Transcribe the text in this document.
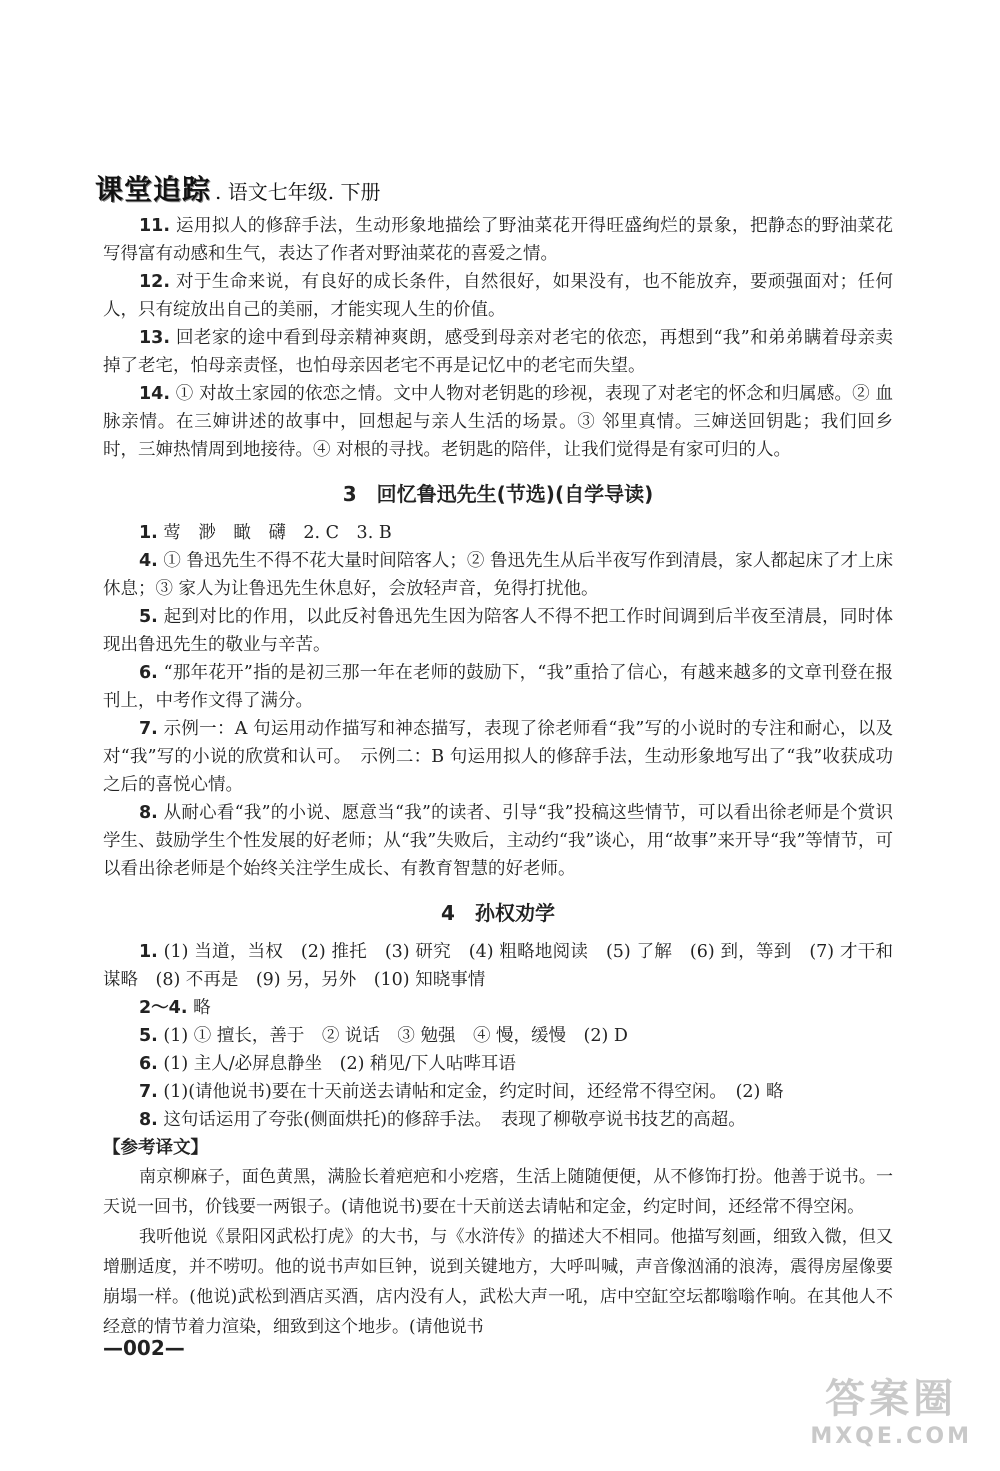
课堂追踪 . 语文七年级. 下册

11. 运用拟人的修辞手法，生动形象地描绘了野油菜花开得旺盛绚烂的景象，把静态的野油菜花写得富有动感和生气，表达了作者对野油菜花的喜爱之情。

12. 对于生命来说，有良好的成长条件，自然很好，如果没有，也不能放弃，要顽强面对；任何人，只有绽放出自己的美丽，才能实现人生的价值。

13. 回老家的途中看到母亲精神爽朗，感受到母亲对老宅的依恋，再想到“我”和弟弟瞒着母亲卖掉了老宅，怕母亲责怪，也怕母亲因老宅不再是记忆中的老宅而失望。

14. ① 对故土家园的依恋之情。文中人物对老钥匙的珍视，表现了对老宅的怀念和归属感。② 血脉亲情。在三婶讲述的故事中，回想起与亲人生活的场景。③ 邻里真情。三婶送回钥匙；我们回乡时，三婶热情周到地接待。④ 对根的寻找。老钥匙的陪伴，让我们觉得是有家可归的人。

3　回忆鲁迅先生(节选)(自学导读)

1. 莺　渺　瞰　礴　2. C　3. B

4. ① 鲁迅先生不得不花大量时间陪客人；② 鲁迅先生从后半夜写作到清晨，家人都起床了才上床休息；③ 家人为让鲁迅先生休息好，会放轻声音，免得打扰他。

5. 起到对比的作用，以此反衬鲁迅先生因为陪客人不得不把工作时间调到后半夜至清晨，同时体现出鲁迅先生的敬业与辛苦。

6. “那年花开”指的是初三那一年在老师的鼓励下，“我”重拾了信心，有越来越多的文章刊登在报刊上，中考作文得了满分。

7. 示例一：A 句运用动作描写和神态描写，表现了徐老师看“我”写的小说时的专注和耐心，以及对“我”写的小说的欣赏和认可。　示例二：B 句运用拟人的修辞手法，生动形象地写出了“我”收获成功之后的喜悦心情。

8. 从耐心看“我”的小说、愿意当“我”的读者、引导“我”投稿这些情节，可以看出徐老师是个赏识学生、鼓励学生个性发展的好老师；从“我”失败后，主动约“我”谈心，用“故事”来开导“我”等情节，可以看出徐老师是个始终关注学生成长、有教育智慧的好老师。

4　孙权劝学

1. (1) 当道，当权　(2) 推托　(3) 研究　(4) 粗略地阅读　(5) 了解　(6) 到，等到　(7) 才干和谋略　(8) 不再是　(9) 另，另外　(10) 知晓事情

2～4. 略

5. (1) ① 擅长，善于　② 说话　③ 勉强　④ 慢，缓慢　(2) D

6. (1) 主人/必屏息静坐　(2) 稍见/下人呫哔耳语

7. (1)(请他说书)要在十天前送去请帖和定金，约定时间，还经常不得空闲。　(2) 略

8. 这句话运用了夸张(侧面烘托)的修辞手法。　表现了柳敬亭说书技艺的高超。

【参考译文】

南京柳麻子，面色黄黑，满脸长着疤疤和小疙瘩，生活上随随便便，从不修饰打扮。他善于说书。一天说一回书，价钱要一两银子。(请他说书)要在十天前送去请帖和定金，约定时间，还经常不得空闲。

我听他说《景阳冈武松打虎》的大书，与《水浒传》的描述大不相同。他描写刻画，细致入微，但又增删适度，并不唠叨。他的说书声如巨钟，说到关键地方，大呼叫喊，声音像汹涌的浪涛，震得房屋像要崩塌一样。(他说)武松到酒店买酒，店内没有人，武松大声一吼，店中空缸空坛都嗡嗡作响。在其他人不经意的情节着力渲染，细致到这个地步。(请他说书

—002—
答案圈
MXQE.COM
